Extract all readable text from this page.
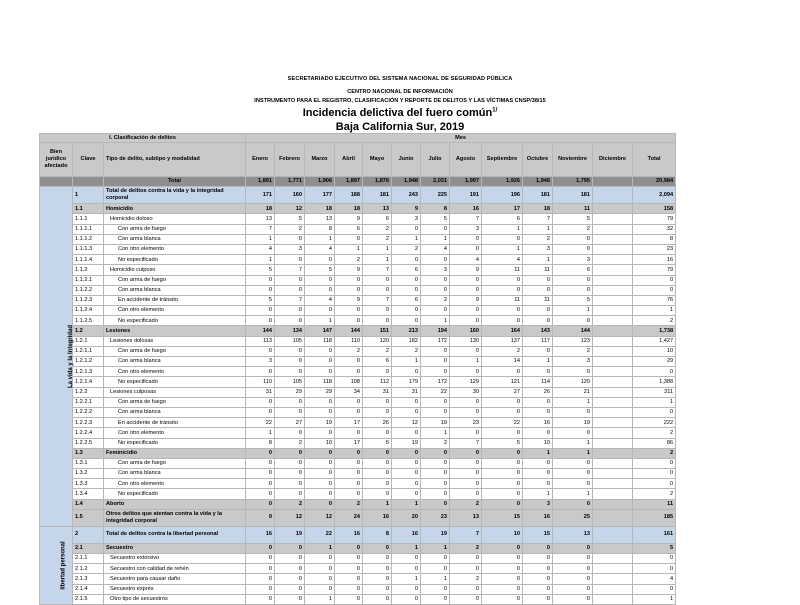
SECRETARIADO EJECUTIVO DEL SISTEMA NACIONAL DE SEGURIDAD PÚBLICA
CENTRO NACIONAL DE INFORMACIÓN
INSTRUMENTO PARA EL REGISTRO, CLASIFICACIÓN Y REPORTE DE DELITOS Y LAS VÍCTIMAS CNSP/38/15
Incidencia delictiva del fuero común$^{1/}$
Baja California Sur, 2019
I. Clasificación de delitos			Mes												
Bien jurídico afectado	Clave	Tipo de delito, subtipo y modalidad	Enero	Febrero	Marzo	Abril	Mayo	Junio	Julio	Agosto	Septiembre	Octubre	Noviembre	Diciembre	Total
		Total	1,891	1,771	1,906	1,897	1,876	1,948	2,031	1,997	1,926	1,946	1,795		20,984
La vida y la Integridad	1	Total de delitos contra la vida y la integridad corporal	171	160	177	188	181	243	225	191	196	181	181		2,094
	1.1	Homicidio	18	12	18	18	13	9	8	16	17	18	11		158
	1.1.1	Homicidio doloso	13	5	13	9	6	3	5	7	6	7	5		79
	1.1.1.1	Con arma de fuego	7	2	8	6	2	0	0	3	1	1	2		32
	1.1.1.2	Con arma blanca	1	0	1	0	2	1	1	0	0	2	0		8
	1.1.1.3	Con otro elemento	4	3	4	1	1	2	4	0	1	3	0		23
	1.1.1.4	No especificado	1	0	0	2	1	0	0	4	4	1	3		16
	1.1.2	Homicidio culposo	5	7	5	9	7	6	3	9	11	11	6		79
	1.1.2.1	Con arma de fuego	0	0	0	0	0	0	0	0	0	0	0		0
	1.1.2.2	Con arma blanca	0	0	0	0	0	0	0	0	0	0	0		0
	1.1.2.3	En accidente de tránsito	5	7	4	9	7	6	2	9	11	11	5		76
	1.1.2.4	Con otro elemento	0	0	0	0	0	0	0	0	0	0	1		1
	1.1.2.5	No especificado	0	0	1	0	0	0	1	0	0	0	0		2
	1.2	Lesiones	144	134	147	144	151	213	194	160	164	143	144		1,738
	1.2.1	Lesiones dolosas	113	105	118	110	120	182	172	130	137	117	123		1,427
	1.2.1.1	Con arma de fuego	0	0	0	2	2	2	0	0	2	0	2		10
	1.2.1.2	Con arma blanca	3	0	0	0	6	1	0	1	14	1	3		29
	1.2.1.3	Con otro elemento	0	0	0	0	0	0	0	0	0	0	0		0
	1.2.1.4	No especificado	110	105	118	108	112	179	172	129	121	114	120		1,388
	1.2.2	Lesiones culposas	31	29	29	34	31	31	22	30	27	26	21		311
	1.2.2.1	Con arma de fuego	0	0	0	0	0	0	0	0	0	0	1		1
	1.2.2.2	Con arma blanca	0	0	0	0	0	0	0	0	0	0	0		0
	1.2.2.3	En accidente de tránsito	22	27	19	17	26	12	19	23	22	16	19		222
	1.2.2.4	Con otro elemento	1	0	0	0	0	0	1	0	0	0	0		2
	1.2.2.5	No especificado	8	2	10	17	5	19	2	7	5	10	1		86
	1.3	Feminicidio	0	0	0	0	0	0	0	0	0	1	1		2
	1.3.1	Con arma de fuego	0	0	0	0	0	0	0	0	0	0	0		0
	1.3.2	Con arma blanca	0	0	0	0	0	0	0	0	0	0	0		0
	1.3.3	Con otro elemento	0	0	0	0	0	0	0	0	0	0	0		0
	1.3.4	No especificado	0	0	0	0	0	0	0	0	0	1	1		2
	1.4	Aborto	0	2	0	2	1	1	0	2	0	3	0		11
	1.5	Otros delitos que atentan contra la vida y la integridad corporal	9	12	12	24	16	20	23	13	15	16	25		185
libertad personal	2	Total de delitos contra la libertad personal	16	19	22	16	8	16	19	7	10	15	13		161
	2.1	Secuestro	0	0	1	0	0	1	1	2	0	0	0		5
	2.1.1	Secuestro extorsivo	0	0	0	0	0	0	0	0	0	0	0		0
	2.1.2	Secuestro con calidad de rehén	0	0	0	0	0	0	0	0	0	0	0		0
	2.1.3	Secuestro para causar daño	0	0	0	0	0	1	1	2	0	0	0		4
	2.1.4	Secuestro exprés	0	0	0	0	0	0	0	0	0	0	0		0
	2.1.5	Otro tipo de secuestros	0	0	1	0	0	0	0	0	0	0	0		1
